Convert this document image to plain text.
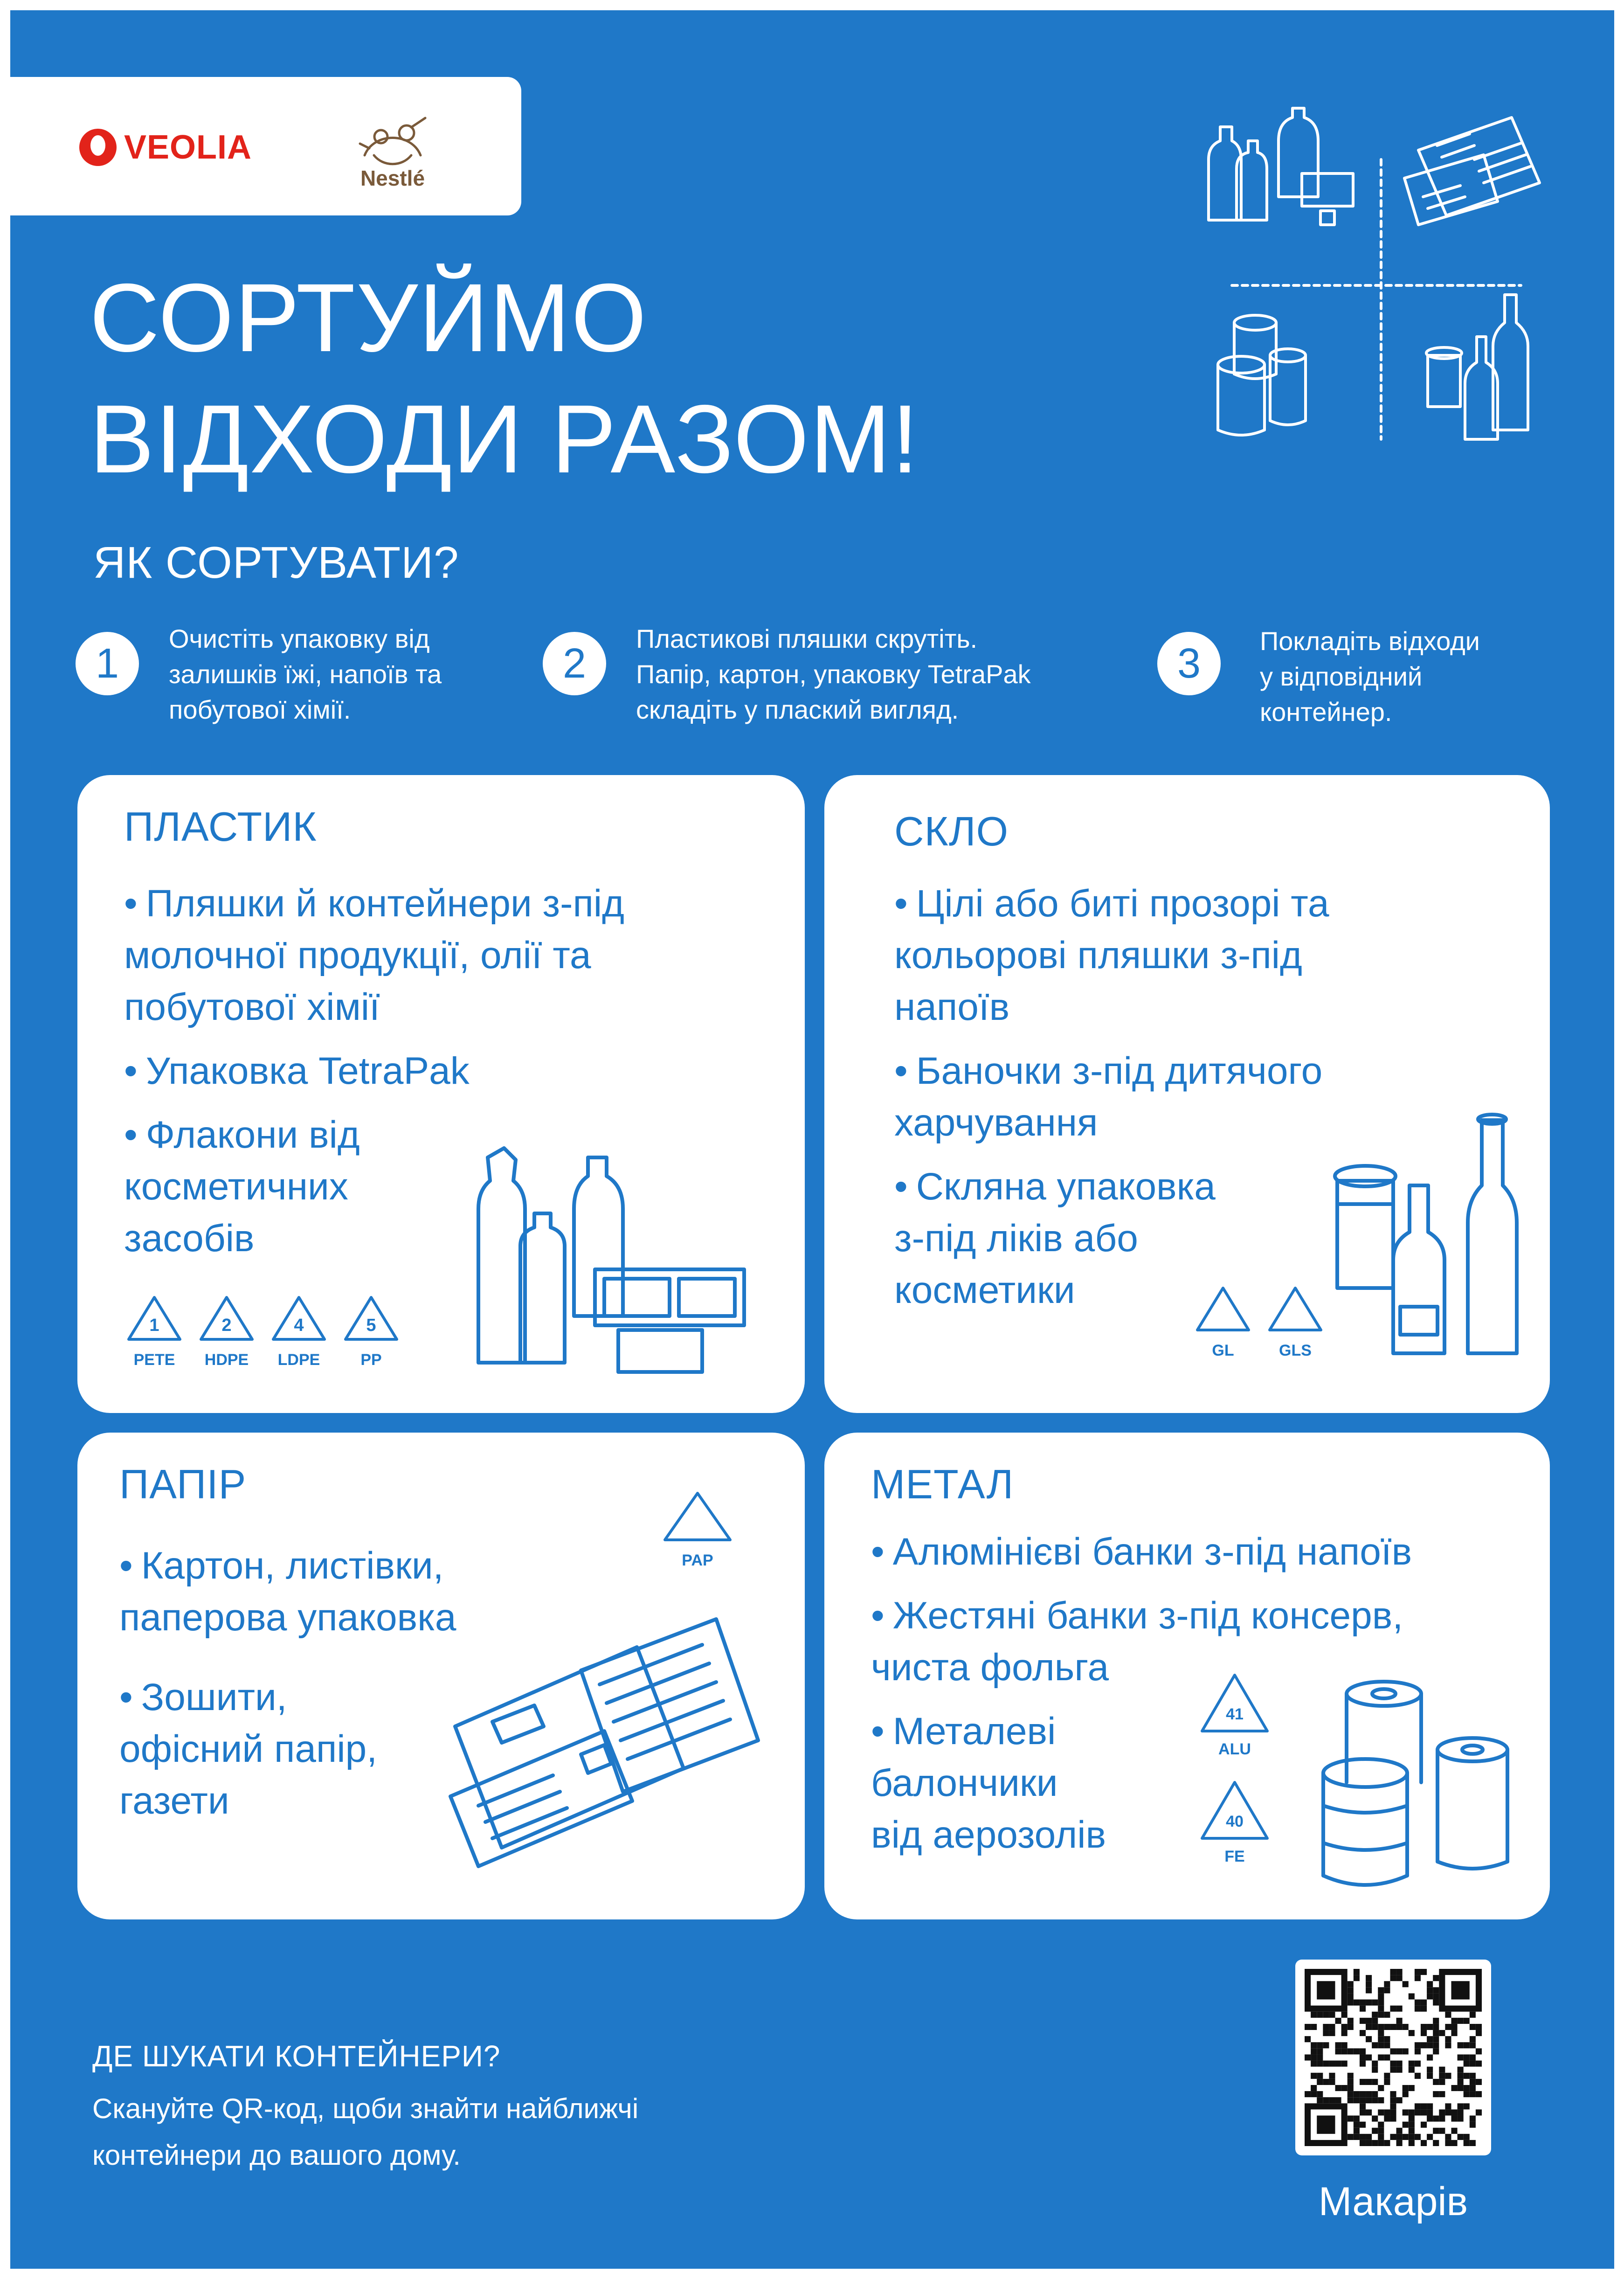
VEOLIA
Nestlé
СОРТУЙМО
ВІДХОДИ РАЗОМ!
ЯК СОРТУВАТИ?
1
Очистіть упаковку від
залишків їжі, напоїв та
побутової хімії.
2
Пластикові пляшки скрутіть.
Папір, картон, упаковку TetraPak
складіть у плаский вигляд.
3	Покладіть відходи
у відповідний
контейнер.
ПЛАСТИК
• Пляшки й контейнери з-під
молочної продукції, олії та
побутової хімії
• Упаковка TetraPak
• Флакони від
косметичних
засобів
1	2	4	5
PETE HDPE LDPE	PP
СКЛО
• Цілі або биті прозорі та
кольорові пляшки з-під
напоїв
• Баночки з-під дитячого
харчування
• Скляна упаковка
з-під ліків або
косметики
GL	GLS
ПАПІР
• Картон, листівки,
паперова упаковка
• Зошити,
офісний папір,
газети
PAP
МЕТАЛ
• Алюмінієві банки з-під напоїв
• Жестяні банки з-під консерв,
чиста фольга
• Металеві
балончики
від аерозолів
41
ALU
40
FE
ДЕ ШУКАТИ КОНТЕЙНЕРИ?
Скануйте QR-код, щоби знайти найближчі
контейнери до вашого дому.
Макарів
